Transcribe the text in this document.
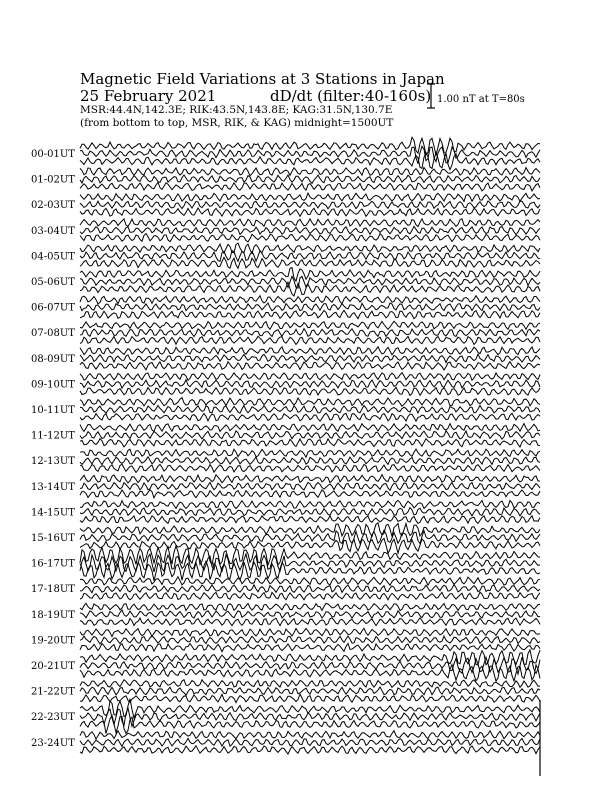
Magnetic Field Variations at 3 Stations in Japan
25 February 2021	dD/dt (filter:40-160s)
MSR:44.4N,142.3E; RIK:43.5N,143.8E; KAG:31.5N,130.7E
(from bottom to top, MSR, RIK, & KAG) midnight=1500UT
1.00 nT at T=80s
00-01UT
01-02UT
02-03UT
03-04UT
04-05UT
05-06UT
06-07UT
07-08UT
08-09UT
09-10UT
10-11UT
11-12UT
12-13UT
13-14UT
14-15UT
15-16UT
16-17UT
17-18UT
18-19UT
19-20UT
20-21UT
21-22UT
22-23UT
23-24UT
